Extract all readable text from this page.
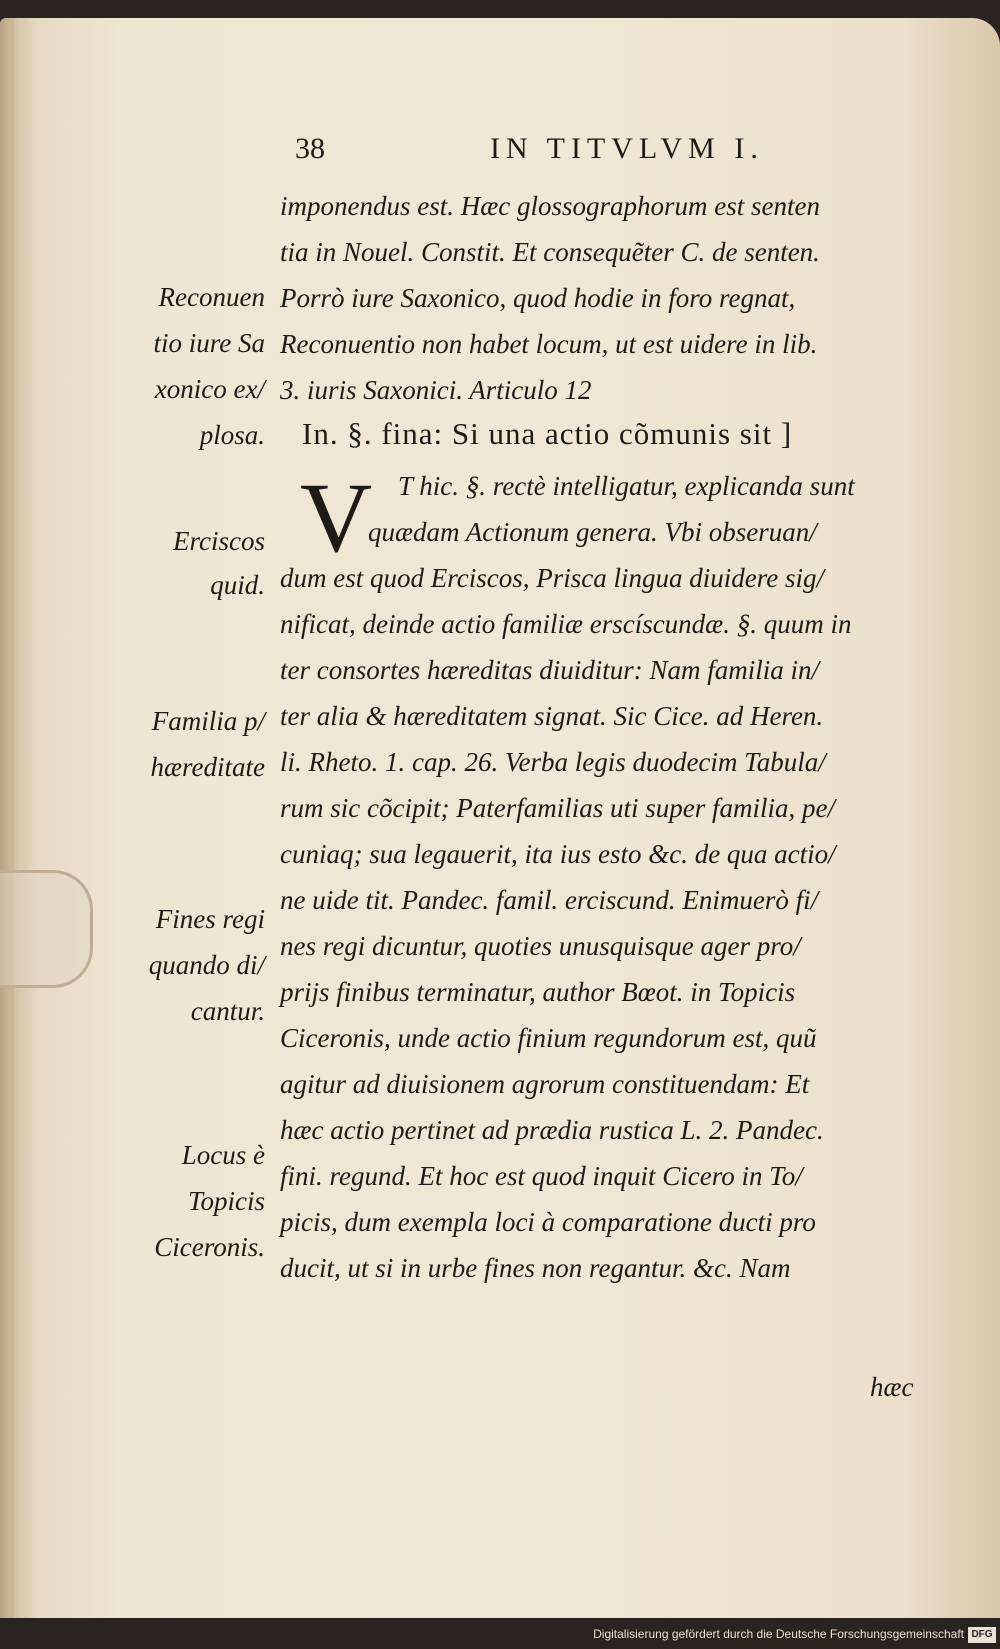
38	IN TITVLVM I.
imponendus est. Hæc glossographorum est senten
tia in Nouel. Constit. Et consequẽter C. de senten.
Porrò iure Saxonico, quod hodie in foro regnat,
Reconuentio non habet locum, ut est uidere in lib.
3. iuris Saxonici. Articulo 12
In. §. fina: Si una actio cõmunis sit ]
T hic. §. rectè intelligatur, explicanda sunt
quædam Actionum genera. Vbi obseruan/
dum est quod Erciscos, Prisca lingua diuidere sig/
nificat, deinde actio familiæ erscíscundæ. §. quum in
ter consortes hæreditas diuiditur: Nam familia in/
ter alia & hæreditatem signat. Sic Cice. ad Heren.
li. Rheto. 1. cap. 26. Verba legis duodecim Tabula/
rum sic cõcipit; Paterfamilias uti super familia, pe/
cuniaq; sua legauerit, ita ius esto &c. de qua actio/
ne uide tit. Pandec. famil. erciscund. Enimuerò fi/
nes regi dicuntur, quoties unusquisque ager pro/
prijs finibus terminatur, author Bœot. in Topicis
Ciceronis, unde actio finium regundorum est, quũ
agitur ad diuisionem agrorum constituendam: Et
hæc actio pertinet ad prædia rustica L. 2. Pandec.
fini. regund. Et hoc est quod inquit Cicero in To/
picis, dum exempla loci à comparatione ducti pro
ducit, ut si in urbe fines non regantur. &c. Nam
V
Reconuen
tio iure Sa
xonico ex/
plosa.
Erciscos
quid.
Familia p/
hæreditate
Fines regi
quando di/
cantur.
Locus è
Topicis
Ciceronis.
hæc
Digitalisierung gefördert durch die Deutsche Forschungsgemeinschaft DFG
